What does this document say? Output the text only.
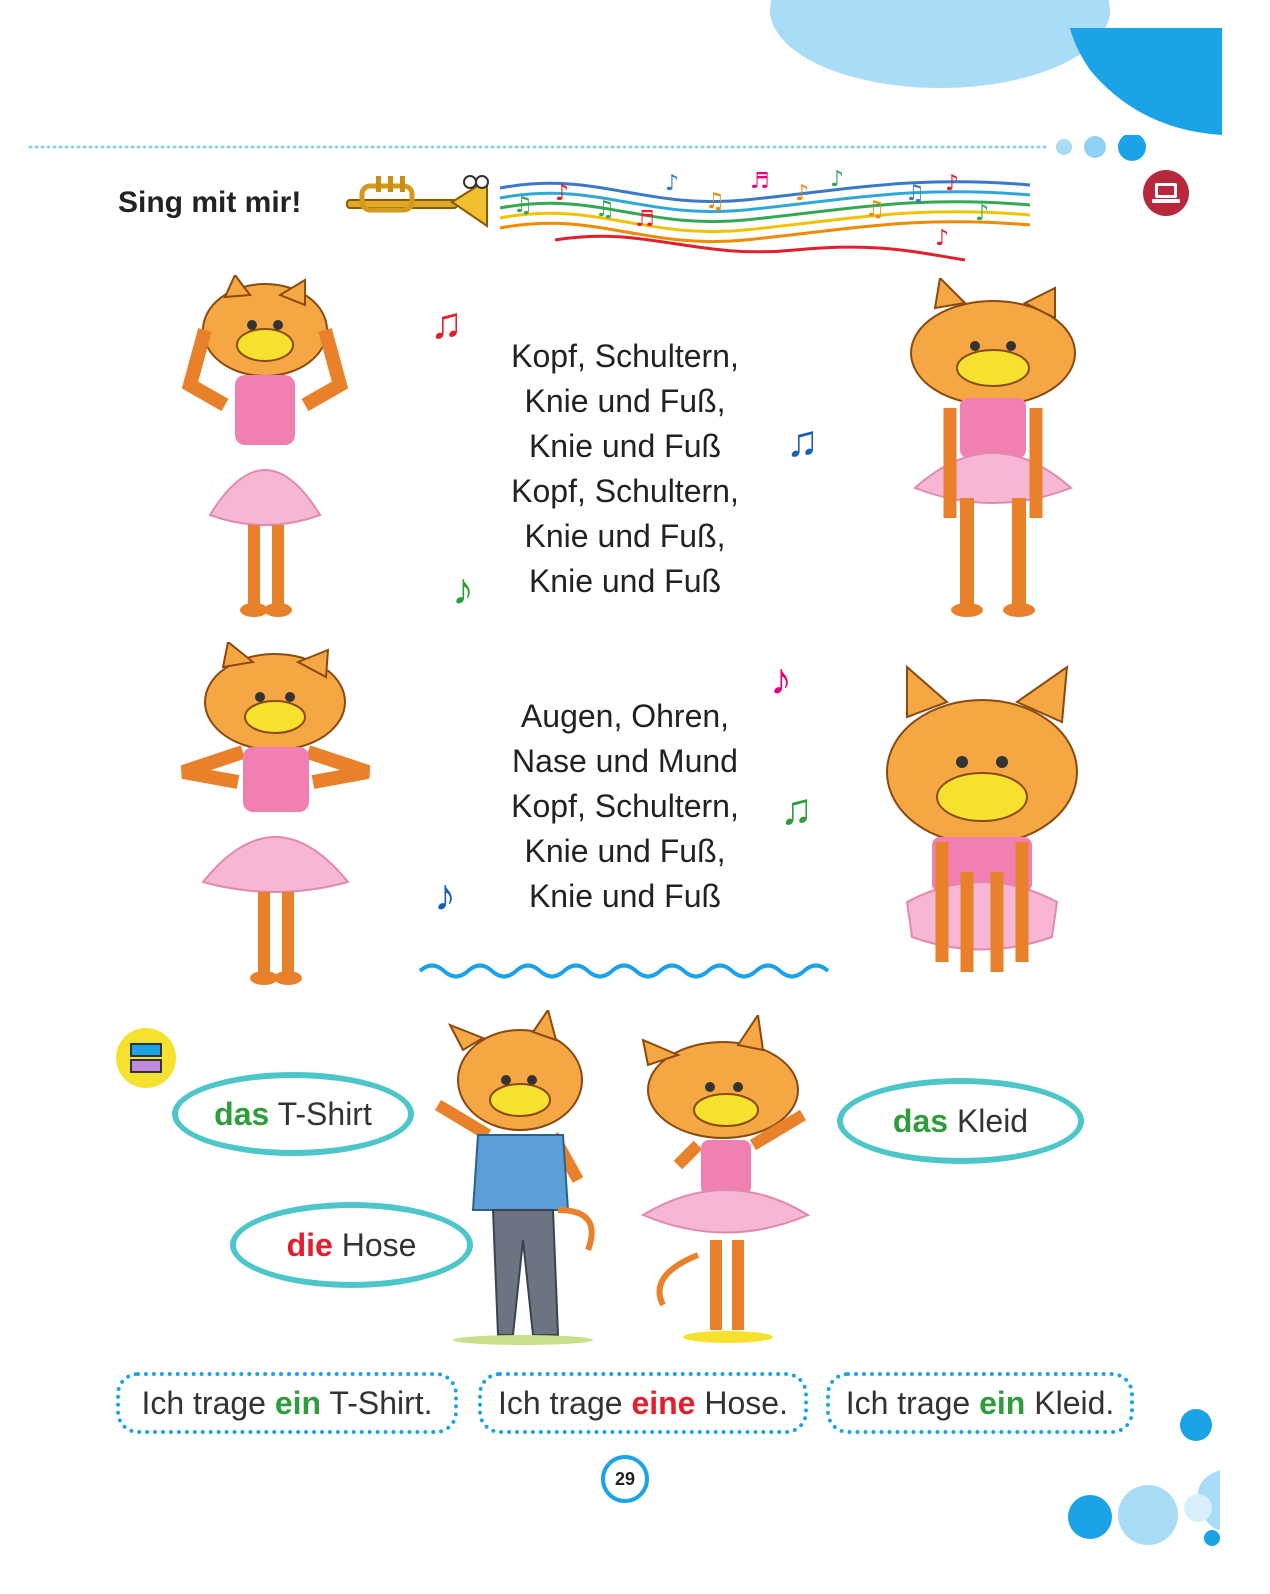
Sing mit mir!	♫ ♪
♫ ♬
♪
♫
♬ ♪
♪
♫
♫ ♪
♪
♪
Kopf, Schultern,
Knie und Fuß,
Knie und Fuß
Kopf, Schultern,
Knie und Fuß,
Knie und Fuß
♫
♫
♪
♪
♫
♪
Augen, Ohren,
Nase und Mund
Kopf, Schultern,
Knie und Fuß,
Knie und Fuß
das T-Shirt	das Kleid
die Hose
Ich trage ein T-Shirt. Ich trage eine Hose. Ich trage ein Kleid.
29
